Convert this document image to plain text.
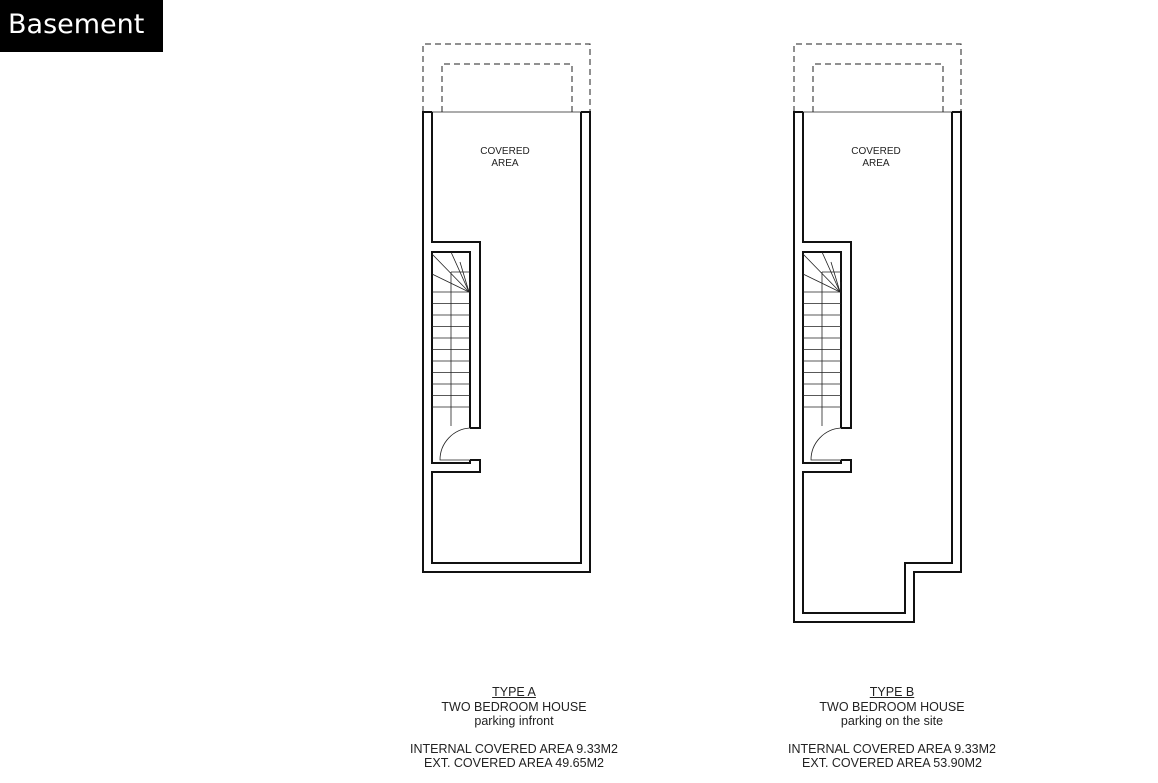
Basement
COVERED
AREA
COVERED
AREA
TYPE A
TWO BEDROOM HOUSE
parking infront
INTERNAL COVERED AREA 9.33M2
EXT. COVERED AREA 49.65M2
TYPE B
TWO BEDROOM HOUSE
parking on the site
INTERNAL COVERED AREA 9.33M2
EXT. COVERED AREA 53.90M2
